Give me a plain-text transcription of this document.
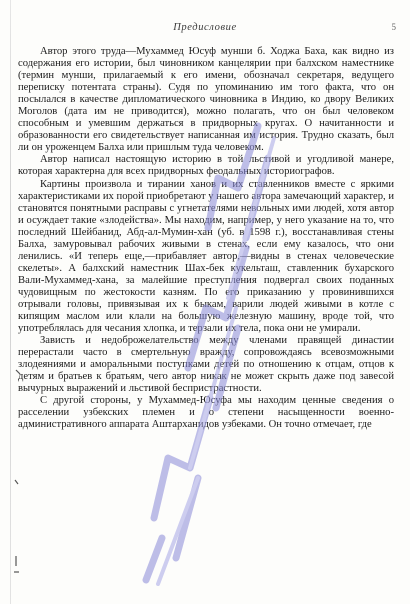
Предисловие	5

Автор этого труда—Мухаммед Юсуф мунши б. Ходжа Баха, как видно из содержания его истории, был чиновником канцелярии при балхском наместнике (термин мунши, прилагаемый к его имени, обозначал секретаря, ведущего переписку потентата страны). Судя по упоминанию им того факта, что он посылался в качестве дипломатического чиновника в Индию, ко двору Великих Моголов (дата им не приводится), можно полагать, что он был человеком способным и умевшим держаться в придворных кругах. О начитанности и образованности его свидетельствует написанная им история. Трудно сказать, был ли он уроженцем Балха или пришлым туда человеком.

Автор написал настоящую историю в той льстивой и угодливой манере, которая характерна для всех придворных феодальных историографов.

Картины произвола и тирании ханов и их ставленников вместе с яркими характеристиками их порой приобретают у нашего автора замечающий характер, и становятся понятными расправы с угнетателями невольных ими людей, хотя автор и осуждает такие «злодейства». Мы находим, например, у него указание на то, что последний Шейбанид, Абд-ал-Мумин-хан (уб. в 1598 г.), восстанавливая стены Балха, замуровывал рабочих живыми в стенах, если ему казалось, что они ленились. «И теперь еще,—прибавляет автор,—видны в стенах человеческие скелеты». А балхский наместник Шах-бек кукельташ, ставленник бухарского Вали-Мухаммед-хана, за малейшие преступления подвергал своих поданных чудовищным по жестокости казням. По его приказанию у провинившихся отрывали головы, привязывая их к быкам, варили людей живыми в котле с кипящим маслом или клали на большую железную машину, вроде той, что употреблялась для чесания хлопка, и терзали их тела, пока они не умирали.

Зависть и недоброжелательство между членами правящей династии перерастали часто в смертельную вражду, сопровождаясь всевозможными злодеяниями и аморальными поступками детей по отношению к отцам, отцов к детям и братьев к братьям, чего автор никак не может скрыть даже под завесой вычурных выражений и льстивой беспристрастности.

С другой стороны, у Мухаммед-Юсуфа мы находим ценные сведения о расселении узбекских племен и о степени насыщенности военно-административного аппарата Аштарханидов узбеками. Он точно отмечает, где
